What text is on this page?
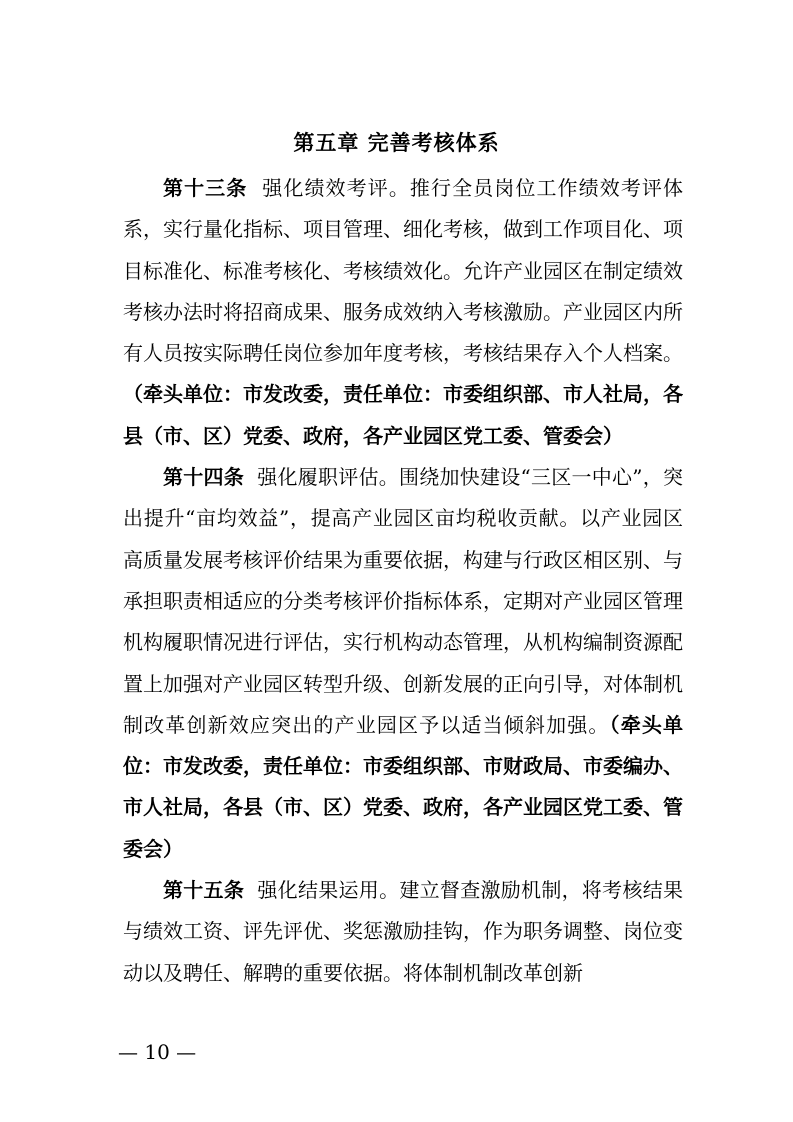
第五章 完善考核体系

第十三条 强化绩效考评。推行全员岗位工作绩效考评体系，实行量化指标、项目管理、细化考核，做到工作项目化、项目标准化、标准考核化、考核绩效化。允许产业园区在制定绩效考核办法时将招商成果、服务成效纳入考核激励。产业园区内所有人员按实际聘任岗位参加年度考核，考核结果存入个人档案。（牵头单位：市发改委，责任单位：市委组织部、市人社局，各县（市、区）党委、政府，各产业园区党工委、管委会）

第十四条 强化履职评估。围绕加快建设“三区一中心”，突出提升“亩均效益”，提高产业园区亩均税收贡献。以产业园区高质量发展考核评价结果为重要依据，构建与行政区相区别、与承担职责相适应的分类考核评价指标体系，定期对产业园区管理机构履职情况进行评估，实行机构动态管理，从机构编制资源配置上加强对产业园区转型升级、创新发展的正向引导，对体制机制改革创新效应突出的产业园区予以适当倾斜加强。（牵头单位：市发改委，责任单位：市委组织部、市财政局、市委编办、市人社局，各县（市、区）党委、政府，各产业园区党工委、管委会）

第十五条 强化结果运用。建立督查激励机制，将考核结果与绩效工资、评先评优、奖惩激励挂钩，作为职务调整、岗位变动以及聘任、解聘的重要依据。将体制机制改革创新

— 10 —
